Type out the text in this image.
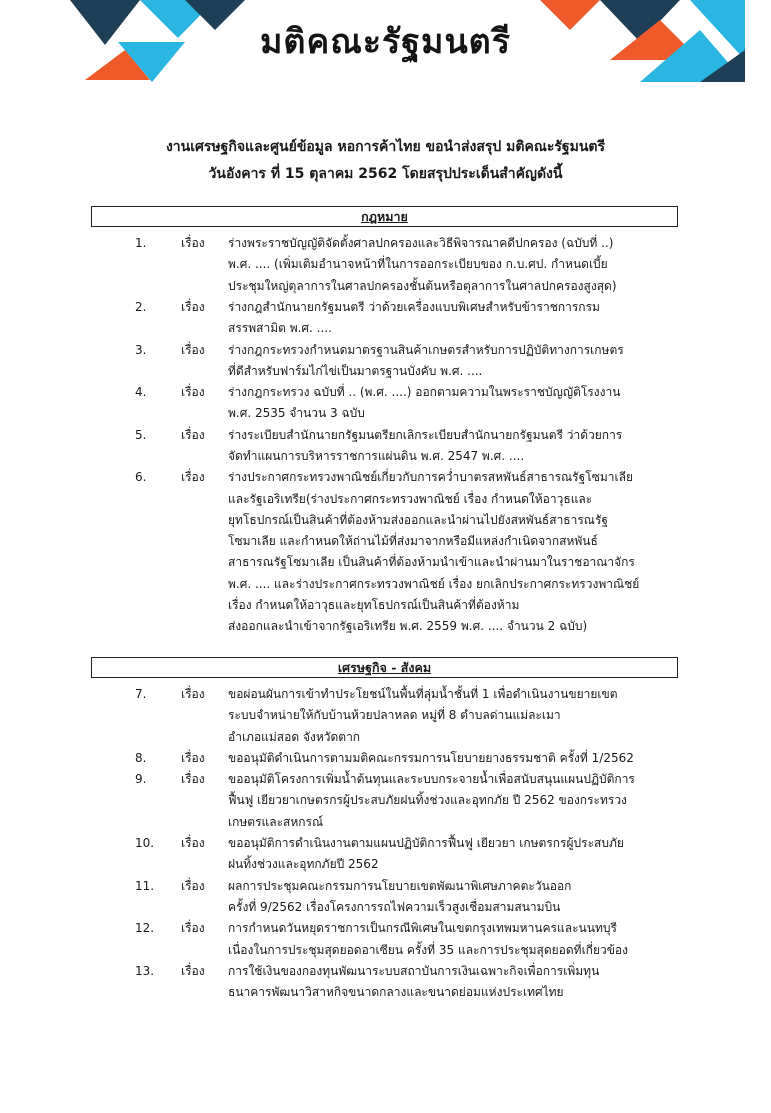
มติคณะรัฐมนตรี
งานเศรษฐกิจและศูนย์ข้อมูล หอการค้าไทย ขอนำส่งสรุป มติคณะรัฐมนตรี
วันอังคาร ที่ 15 ตุลาคม 2562 โดยสรุปประเด็นสำคัญดังนี้
กฎหมาย
1.	เรื่อง ร่างพระราชบัญญัติจัดตั้งศาลปกครองและวิธีพิจารณาคดีปกครอง (ฉบับที่ ..)
พ.ศ. .... (เพิ่มเติมอำนาจหน้าที่ในการออกระเบียบของ ก.บ.ศป. กำหนดเบี้ย
ประชุมใหญ่ตุลาการในศาลปกครองชั้นต้นหรือตุลาการในศาลปกครองสูงสุด)
2.	เรื่อง ร่างกฎสำนักนายกรัฐมนตรี ว่าด้วยเครื่องแบบพิเศษสำหรับข้าราชการกรม
สรรพสามิต พ.ศ. ....
3.	เรื่อง ร่างกฎกระทรวงกำหนดมาตรฐานสินค้าเกษตรสำหรับการปฏิบัติทางการเกษตร
ที่ดีสำหรับฟาร์มไก่ไข่เป็นมาตรฐานบังคับ พ.ศ. ....
4.	เรื่อง ร่างกฎกระทรวง ฉบับที่ .. (พ.ศ. ....) ออกตามความในพระราชบัญญัติโรงงาน
พ.ศ. 2535 จำนวน 3 ฉบับ
5.	เรื่อง ร่างระเบียบสำนักนายกรัฐมนตรียกเลิกระเบียบสำนักนายกรัฐมนตรี ว่าด้วยการ
จัดทำแผนการบริหารราชการแผ่นดิน พ.ศ. 2547 พ.ศ. ....
6.	เรื่อง ร่างประกาศกระทรวงพาณิชย์เกี่ยวกับการคว่ำบาตรสหพันธ์สาธารณรัฐโซมาเลีย
และรัฐเอริเทรีย(ร่างประกาศกระทรวงพาณิชย์ เรื่อง กำหนดให้อาวุธและ
ยุทโธปกรณ์เป็นสินค้าที่ต้องห้ามส่งออกและนำผ่านไปยังสหพันธ์สาธารณรัฐ
โซมาเลีย และกำหนดให้ถ่านไม้ที่ส่งมาจากหรือมีแหล่งกำเนิดจากสหพันธ์
สาธารณรัฐโซมาเลีย เป็นสินค้าที่ต้องห้ามนำเข้าและนำผ่านมาในราชอาณาจักร
พ.ศ. .... และร่างประกาศกระทรวงพาณิชย์ เรื่อง ยกเลิกประกาศกระทรวงพาณิชย์
เรื่อง กำหนดให้อาวุธและยุทโธปกรณ์เป็นสินค้าที่ต้องห้าม
ส่งออกและนำเข้าจากรัฐเอริเทรีย พ.ศ. 2559 พ.ศ. .... จำนวน 2 ฉบับ)
เศรษฐกิจ - สังคม
7.	เรื่อง ขอผ่อนผันการเข้าทำประโยชน์ในพื้นที่ลุ่มน้ำชั้นที่ 1 เพื่อดำเนินงานขยายเขต
ระบบจำหน่ายให้กับบ้านห้วยปลาหลด หมู่ที่ 8 ตำบลด่านแม่ละเมา
อำเภอแม่สอด จังหวัดตาก
8.	เรื่อง ขออนุมัติดำเนินการตามมติคณะกรรมการนโยบายยางธรรมชาติ ครั้งที่ 1/2562
9.	เรื่อง ขออนุมัติโครงการเพิ่มน้ำต้นทุนและระบบกระจายน้ำเพื่อสนับสนุนแผนปฏิบัติการ
ฟื้นฟู เยียวยาเกษตรกรผู้ประสบภัยฝนทิ้งช่วงและอุทกภัย ปี 2562 ของกระทรวง
เกษตรและสหกรณ์
10. เรื่อง ขออนุมัติการดำเนินงานตามแผนปฏิบัติการฟื้นฟู เยียวยา เกษตรกรผู้ประสบภัย
ฝนทิ้งช่วงและอุทกภัยปี 2562
11. เรื่อง ผลการประชุมคณะกรรมการนโยบายเขตพัฒนาพิเศษภาคตะวันออก
ครั้งที่ 9/2562 เรื่องโครงการรถไฟความเร็วสูงเชื่อมสามสนามบิน
12. เรื่อง การกำหนดวันหยุดราชการเป็นกรณีพิเศษในเขตกรุงเทพมหานครและนนทบุรี
เนื่องในการประชุมสุดยอดอาเซียน ครั้งที่ 35 และการประชุมสุดยอดที่เกี่ยวข้อง
13. เรื่อง การใช้เงินของกองทุนพัฒนาระบบสถาบันการเงินเฉพาะกิจเพื่อการเพิ่มทุน
ธนาคารพัฒนาวิสาหกิจขนาดกลางและขนาดย่อมแห่งประเทศไทย
